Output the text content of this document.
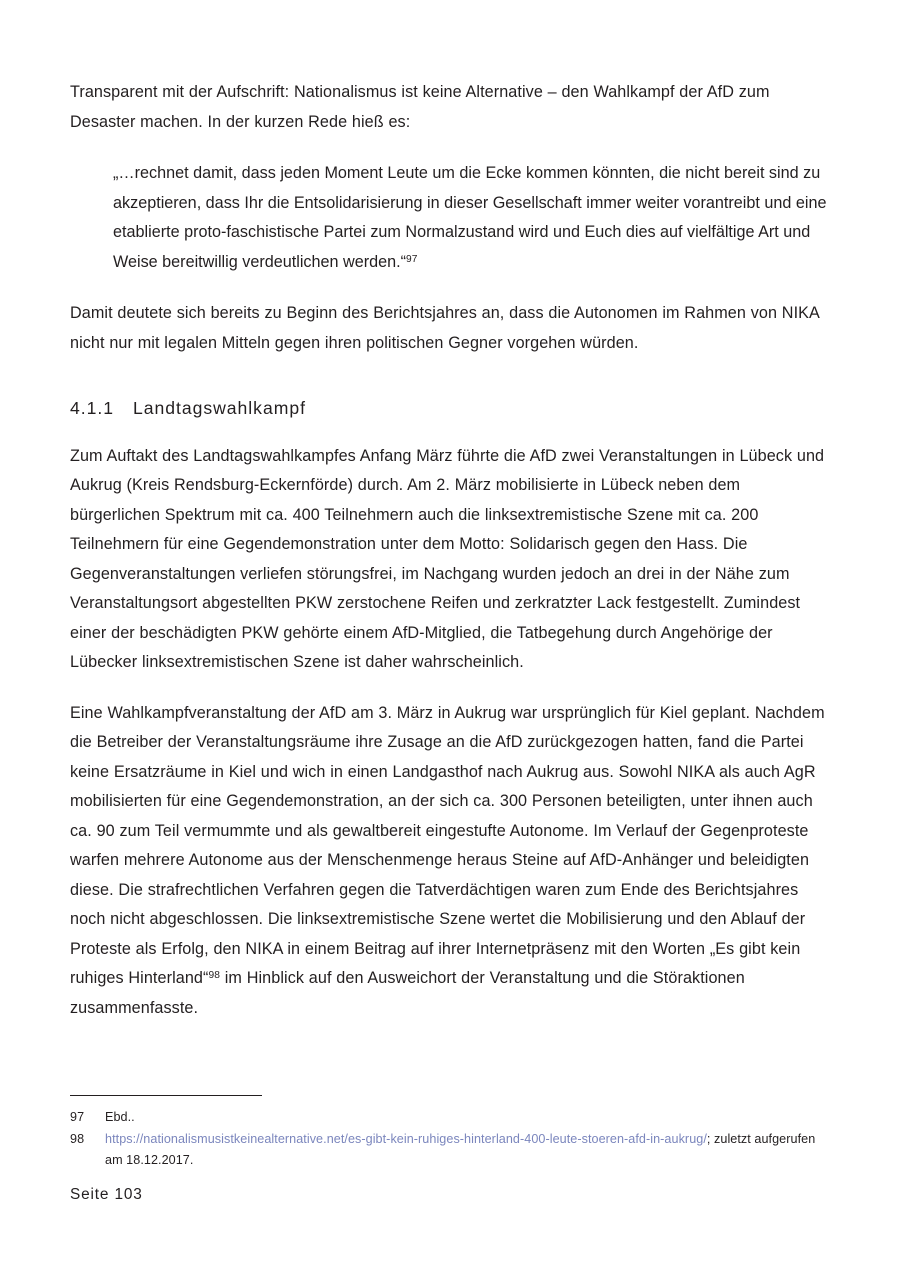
Transparent mit der Aufschrift: Nationalismus ist keine Alternative – den Wahlkampf der AfD zum Desaster machen. In der kurzen Rede hieß es:

„…rechnet damit, dass jeden Moment Leute um die Ecke kommen könnten, die nicht bereit sind zu akzeptieren, dass Ihr die Entsolidarisierung in dieser Gesellschaft immer weiter vorantreibt und eine etablierte proto-faschistische Partei zum Normalzustand wird und Euch dies auf vielfältige Art und Weise bereitwillig verdeutlichen werden.“$^{97}$

Damit deutete sich bereits zu Beginn des Berichtsjahres an, dass die Autonomen im Rahmen von NIKA nicht nur mit legalen Mitteln gegen ihren politischen Gegner vorgehen würden.

4.1.1 Landtagswahlkampf

Zum Auftakt des Landtagswahlkampfes Anfang März führte die AfD zwei Veranstaltungen in Lübeck und Aukrug (Kreis Rendsburg-Eckernförde) durch. Am 2. März mobilisierte in Lübeck neben dem bürgerlichen Spektrum mit ca. 400 Teilnehmern auch die linksextremistische Szene mit ca. 200 Teilnehmern für eine Gegendemonstration unter dem Motto: Solidarisch gegen den Hass. Die Gegenveranstaltungen verliefen störungsfrei, im Nachgang wurden jedoch an drei in der Nähe zum Veranstaltungsort abgestellten PKW zerstochene Reifen und zerkratzter Lack festgestellt. Zumindest einer der beschädigten PKW gehörte einem AfD-Mitglied, die Tatbegehung durch Angehörige der Lübecker linksextremistischen Szene ist daher wahrscheinlich.

Eine Wahlkampfveranstaltung der AfD am 3. März in Aukrug war ursprünglich für Kiel geplant. Nachdem die Betreiber der Veranstaltungsräume ihre Zusage an die AfD zurückgezogen hatten, fand die Partei keine Ersatzräume in Kiel und wich in einen Landgasthof nach Aukrug aus. Sowohl NIKA als auch AgR mobilisierten für eine Gegendemonstration, an der sich ca. 300 Personen beteiligten, unter ihnen auch ca. 90 zum Teil vermummte und als gewaltbereit eingestufte Autonome. Im Verlauf der Gegenproteste warfen mehrere Autonome aus der Menschenmenge heraus Steine auf AfD-Anhänger und beleidigten diese. Die strafrechtlichen Verfahren gegen die Tatverdächtigen waren zum Ende des Berichtsjahres noch nicht abgeschlossen. Die linksextremistische Szene wertet die Mobilisierung und den Ablauf der Proteste als Erfolg, den NIKA in einem Beitrag auf ihrer Internetpräsenz mit den Worten „Es gibt kein ruhiges Hinterland“$^{98}$ im Hinblick auf den Ausweichort der Veranstaltung und die Störaktionen zusammenfasste.

97	Ebd..
98	https://nationalismusistkeinealternative.net/es-gibt-kein-ruhiges-hinterland-400-leute-stoeren-afd-in-aukrug/; zuletzt aufgerufen am 18.12.2017.
Seite 103
